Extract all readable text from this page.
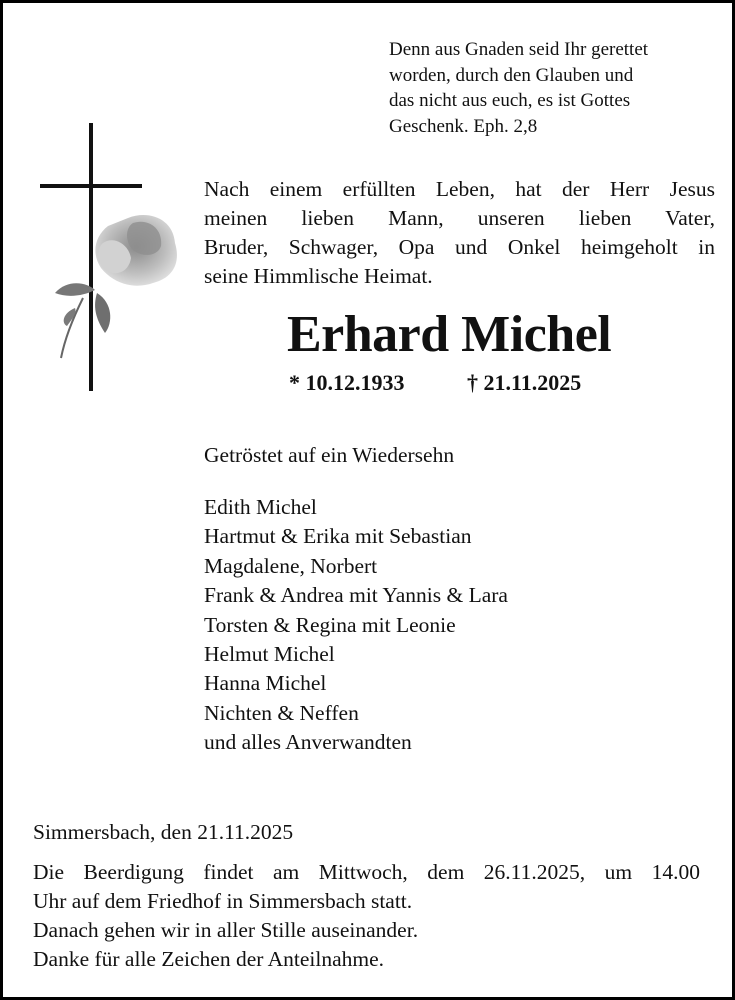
Denn aus Gnaden seid Ihr gerettet
worden, durch den Glauben und
das nicht aus euch, es ist Gottes
Geschenk. Eph. 2,8
Nach einem erfüllten Leben, hat der Herr Jesus
meinen lieben Mann, unseren lieben Vater,
Bruder, Schwager, Opa und Onkel heimgeholt in
seine Himmlische Heimat.
Erhard Michel
* 10.12.1933	† 21.11.2025
Getröstet auf ein Wiedersehn
Edith Michel
Hartmut & Erika mit Sebastian
Magdalene, Norbert
Frank & Andrea mit Yannis & Lara
Torsten & Regina mit Leonie
Helmut Michel
Hanna Michel
Nichten & Neffen
und alles Anverwandten
Simmersbach, den 21.11.2025
Die Beerdigung findet am Mittwoch, dem 26.11.2025, um 14.00
Uhr auf dem Friedhof in Simmersbach statt.
Danach gehen wir in aller Stille auseinander.
Danke für alle Zeichen der Anteilnahme.
